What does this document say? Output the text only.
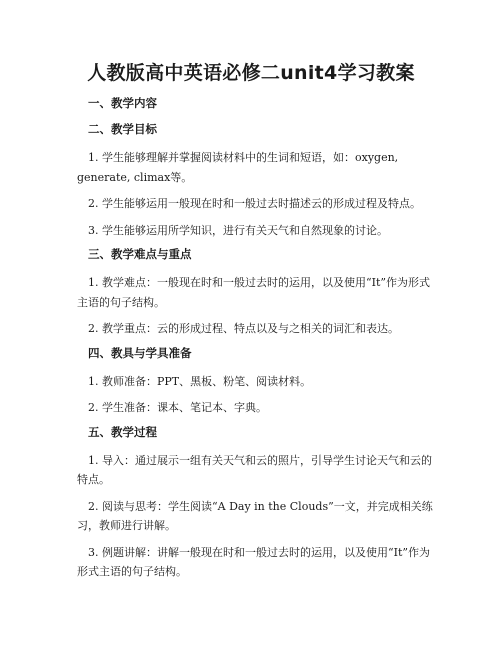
人教版高中英语必修二unit4学习教案
一、教学内容
二、教学目标

1. 学生能够理解并掌握阅读材料中的生词和短语，如：oxygen, generate, climax等。

2. 学生能够运用一般现在时和一般过去时描述云的形成过程及特点。

3. 学生能够运用所学知识，进行有关天气和自然现象的讨论。

三、教学难点与重点

1. 教学难点：一般现在时和一般过去时的运用，以及使用“It”作为形式主语的句子结构。

2. 教学重点：云的形成过程、特点以及与之相关的词汇和表达。

四、教具与学具准备

1. 教师准备：PPT、黑板、粉笔、阅读材料。

2. 学生准备：课本、笔记本、字典。

五、教学过程

1. 导入：通过展示一组有关天气和云的照片，引导学生讨论天气和云的特点。

2. 阅读与思考：学生阅读“A Day in the Clouds”一文，并完成相关练习，教师进行讲解。

3. 例题讲解：讲解一般现在时和一般过去时的运用，以及使用“It”作为形式主语的句子结构。
